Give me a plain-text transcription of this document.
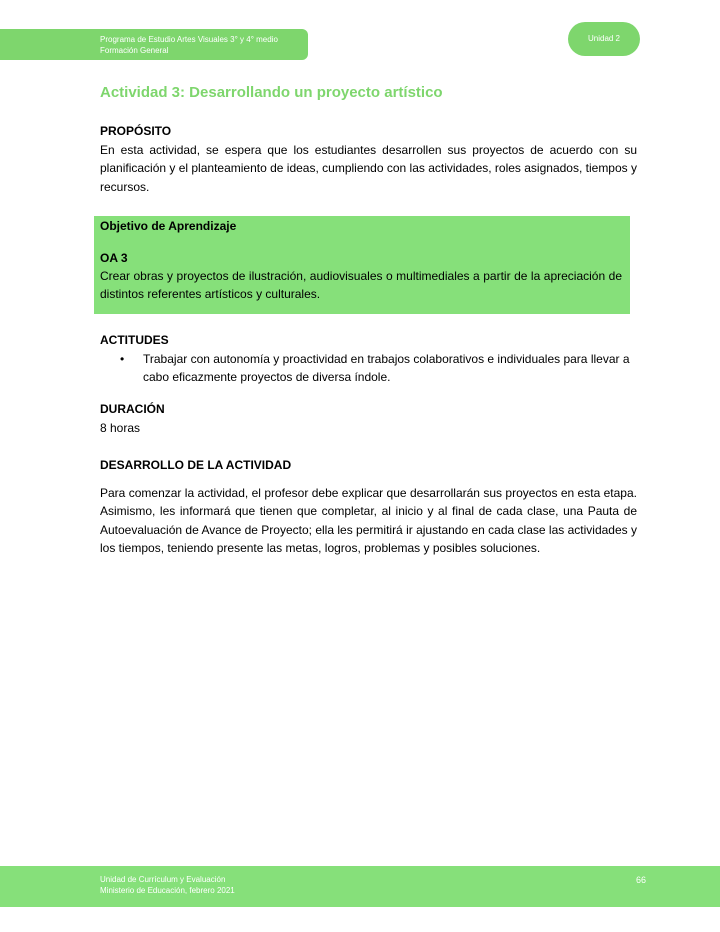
Programa de Estudio Artes Visuales 3° y 4° medio
Formación General
Unidad 2
Actividad 3: Desarrollando un proyecto artístico
PROPÓSITO
En esta actividad, se espera que los estudiantes desarrollen sus proyectos de acuerdo con su planificación y el planteamiento de ideas, cumpliendo con las actividades, roles asignados, tiempos y recursos.
Objetivo de Aprendizaje
OA 3
Crear obras y proyectos de ilustración, audiovisuales o multimediales a partir de la apreciación de distintos referentes artísticos y culturales.
ACTITUDES
• Trabajar con autonomía y proactividad en trabajos colaborativos e individuales para llevar a cabo eficazmente proyectos de diversa índole.
DURACIÓN
8 horas
DESARROLLO DE LA ACTIVIDAD
Para comenzar la actividad, el profesor debe explicar que desarrollarán sus proyectos en esta etapa. Asimismo, les informará que tienen que completar, al inicio y al final de cada clase, una Pauta de Autoevaluación de Avance de Proyecto; ella les permitirá ir ajustando en cada clase las actividades y los tiempos, teniendo presente las metas, logros, problemas y posibles soluciones.
Unidad de Currículum y Evaluación
Ministerio de Educación, febrero 2021
66
